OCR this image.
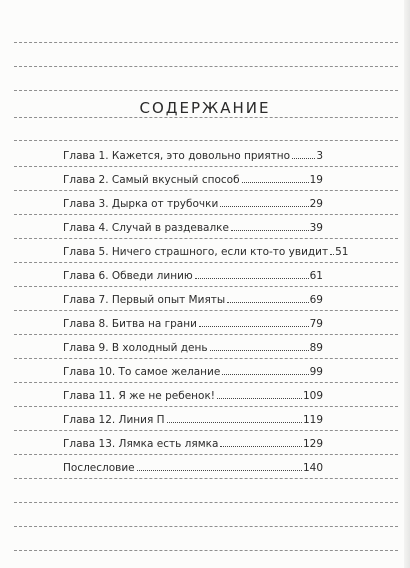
СОДЕРЖАНИЕ
Глава 1. Кажется, это довольно приятно 3
Глава 2. Самый вкусный способ	19
Глава 3. Дырка от трубочки	29
Глава 4. Случай в раздевалке	39
Глава 5. Ничего страшного, если кто-то увидит 51
Глава 6. Обведи линию	61
Глава 7. Первый опыт Мияты	69
Глава 8. Битва на грани	79
Глава 9. В холодный день	89
Глава 10. То самое желание	99
Глава 11. Я же не ребенок!	109
Глава 12. Линия П	119
Глава 13. Лямка есть лямка	129
Послесловие	140
